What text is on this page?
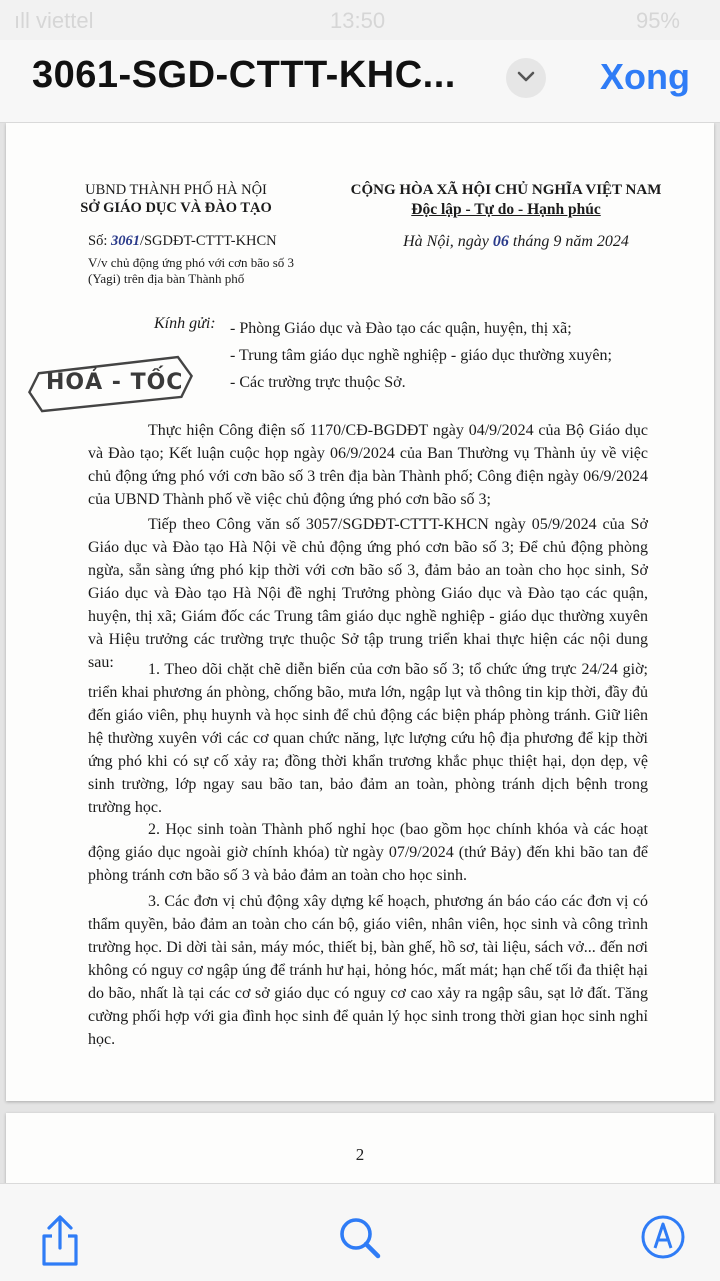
ıll viettel	13:50	95%
3061-SGD-CTTT-KHC...	Xong
UBND THÀNH PHỐ HÀ NỘI
SỞ GIÁO DỤC VÀ ĐÀO TẠO
CỘNG HÒA XÃ HỘI CHỦ NGHĨA VIỆT NAM
Độc lập - Tự do - Hạnh phúc
Số: 3061/SGDĐT-CTTT-KHCN
V/v chủ động ứng phó với cơn bão số 3 (Yagi) trên địa bàn Thành phố
Hà Nội, ngày 06 tháng 9 năm 2024
Kính gửi: - Phòng Giáo dục và Đào tạo các quận, huyện, thị xã;
- Trung tâm giáo dục nghề nghiệp - giáo dục thường xuyên;
- Các trường trực thuộc Sở.
HOẢ - TỐC
Thực hiện Công điện số 1170/CĐ-BGDĐT ngày 04/9/2024 của Bộ Giáo dục và Đào tạo; Kết luận cuộc họp ngày 06/9/2024 của Ban Thường vụ Thành ủy về việc chủ động ứng phó với cơn bão số 3 trên địa bàn Thành phố; Công điện ngày 06/9/2024 của UBND Thành phố về việc chủ động ứng phó cơn bão số 3;
Tiếp theo Công văn số 3057/SGDĐT-CTTT-KHCN ngày 05/9/2024 của Sở Giáo dục và Đào tạo Hà Nội về chủ động ứng phó cơn bão số 3; Để chủ động phòng ngừa, sẵn sàng ứng phó kịp thời với cơn bão số 3, đảm bảo an toàn cho học sinh, Sở Giáo dục và Đào tạo Hà Nội đề nghị Trưởng phòng Giáo dục và Đào tạo các quận, huyện, thị xã; Giám đốc các Trung tâm giáo dục nghề nghiệp - giáo dục thường xuyên và Hiệu trưởng các trường trực thuộc Sở tập trung triển khai thực hiện các nội dung sau:	1. Theo dõi chặt chẽ diễn biến của cơn bão số 3; tổ chức ứng trực 24/24 giờ; triển khai phương án phòng, chống bão, mưa lớn, ngập lụt và thông tin kịp thời, đầy đủ đến giáo viên, phụ huynh và học sinh để chủ động các biện pháp phòng tránh. Giữ liên hệ thường xuyên với các cơ quan chức năng, lực lượng cứu hộ địa phương để kịp thời ứng phó khi có sự cố xảy ra; đồng thời khẩn trương khắc phục thiệt hại, dọn dẹp, vệ sinh trường, lớp ngay sau bão tan, bảo đảm an toàn, phòng tránh dịch bệnh trong trường học.
2. Học sinh toàn Thành phố nghỉ học (bao gồm học chính khóa và các hoạt động giáo dục ngoài giờ chính khóa) từ ngày 07/9/2024 (thứ Bảy) đến khi bão tan để phòng tránh cơn bão số 3 và bảo đảm an toàn cho học sinh.
3. Các đơn vị chủ động xây dựng kế hoạch, phương án báo cáo các đơn vị có thẩm quyền, bảo đảm an toàn cho cán bộ, giáo viên, nhân viên, học sinh và công trình trường học. Di dời tài sản, máy móc, thiết bị, bàn ghế, hồ sơ, tài liệu, sách vở... đến nơi không có nguy cơ ngập úng để tránh hư hại, hỏng hóc, mất mát; hạn chế tối đa thiệt hại do bão, nhất là tại các cơ sở giáo dục có nguy cơ cao xảy ra ngập sâu, sạt lở đất. Tăng cường phối hợp với gia đình học sinh để quản lý học sinh trong thời gian học sinh nghỉ học.
2
